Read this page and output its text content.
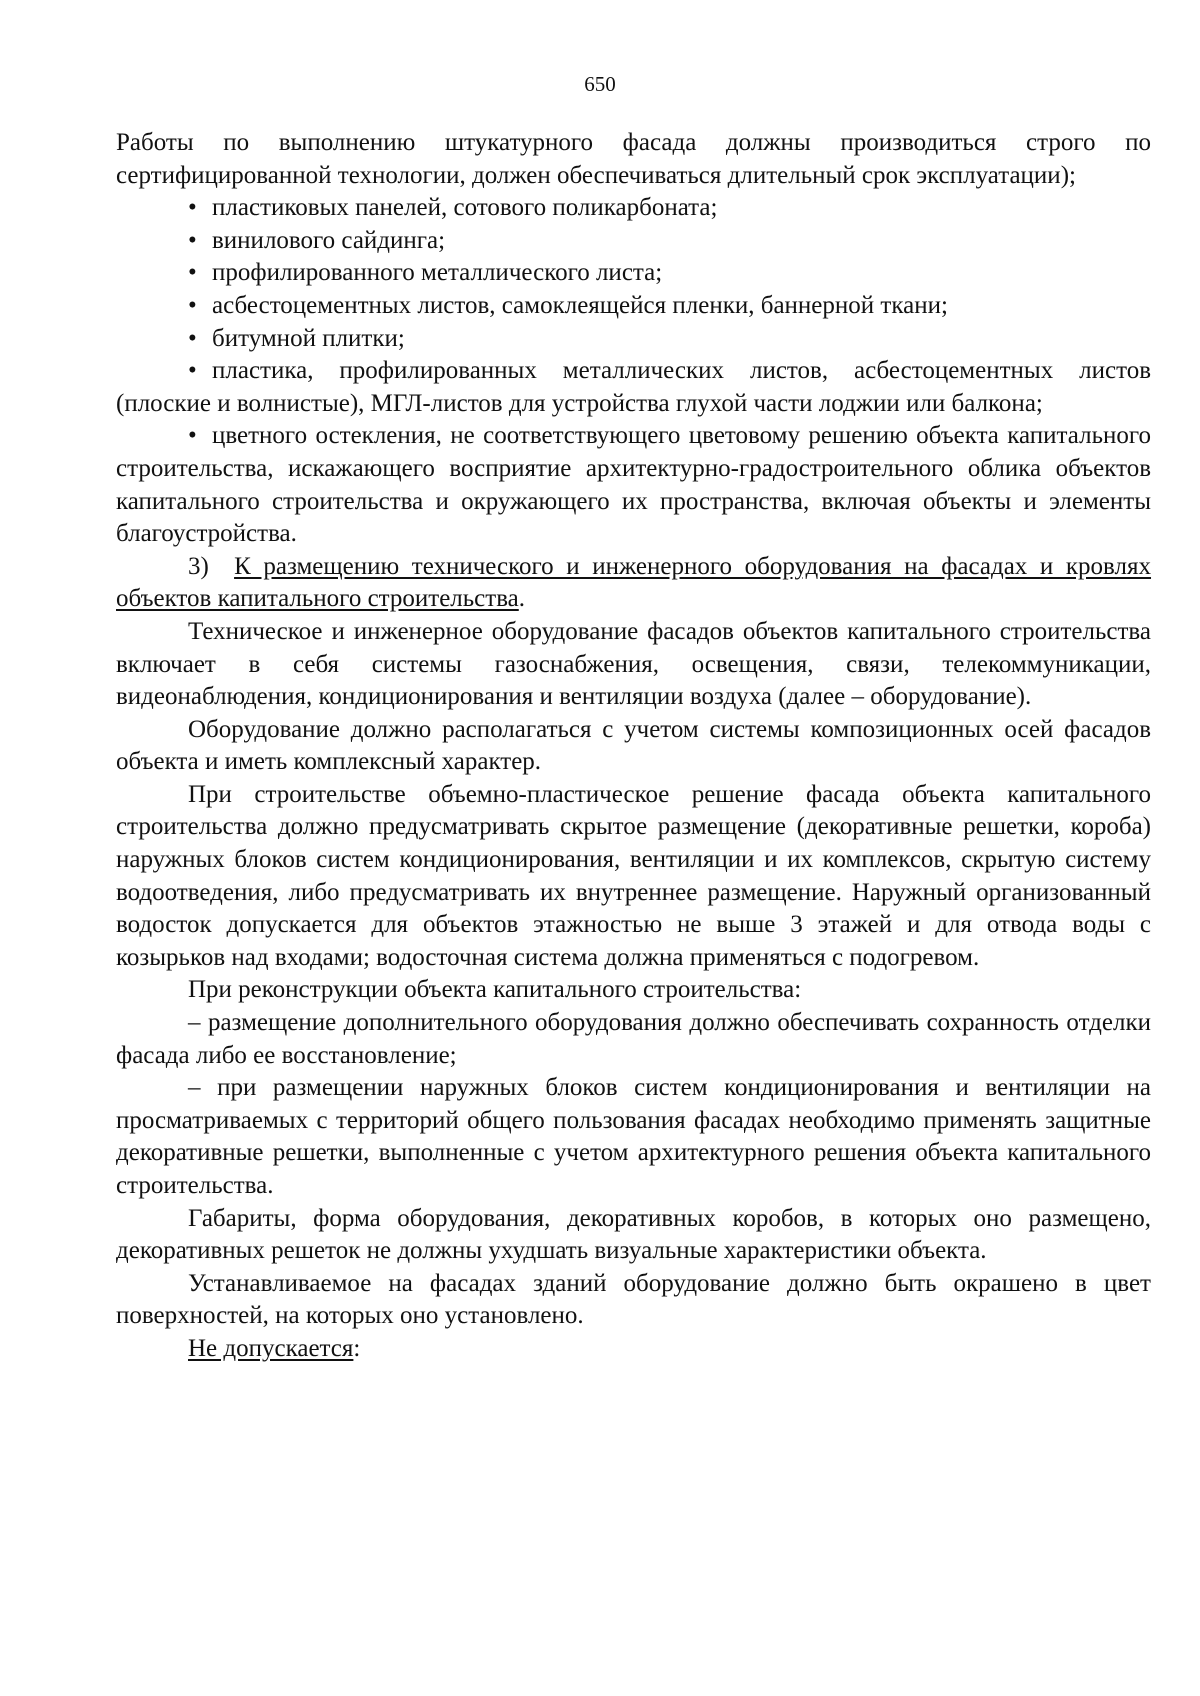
650

Работы по выполнению штукатурного фасада должны производиться строго по сертифицированной технологии, должен обеспечиваться длительный срок эксплуатации);

• пластиковых панелей, сотового поликарбоната;

• винилового сайдинга;

• профилированного металлического листа;

• асбестоцементных листов, самоклеящейся пленки, баннерной ткани;

• битумной плитки;

• пластика, профилированных металлических листов, асбестоцементных листов (плоские и волнистые), МГЛ-листов для устройства глухой части лоджии или балкона;

• цветного остекления, не соответствующего цветовому решению объекта капитального строительства, искажающего восприятие архитектурно-градостроительного облика объектов капитального строительства и окружающего их пространства, включая объекты и элементы благоустройства.

3) К размещению технического и инженерного оборудования на фасадах и кровлях объектов капитального строительства.

Техническое и инженерное оборудование фасадов объектов капитального строительства включает в себя системы газоснабжения, освещения, связи, телекоммуникации, видеонаблюдения, кондиционирования и вентиляции воздуха (далее – оборудование).

Оборудование должно располагаться с учетом системы композиционных осей фасадов объекта и иметь комплексный характер.

При строительстве объемно-пластическое решение фасада объекта капитального строительства должно предусматривать скрытое размещение (декоративные решетки, короба) наружных блоков систем кондиционирования, вентиляции и их комплексов, скрытую систему водоотведения, либо предусматривать их внутреннее размещение. Наружный организованный водосток допускается для объектов этажностью не выше 3 этажей и для отвода воды с козырьков над входами; водосточная система должна применяться с подогревом.

При реконструкции объекта капитального строительства:

– размещение дополнительного оборудования должно обеспечивать сохранность отделки фасада либо ее восстановление;

– при размещении наружных блоков систем кондиционирования и вентиляции на просматриваемых с территорий общего пользования фасадах необходимо применять защитные декоративные решетки, выполненные с учетом архитектурного решения объекта капитального строительства.

Габариты, форма оборудования, декоративных коробов, в которых оно размещено, декоративных решеток не должны ухудшать визуальные характеристики объекта.

Устанавливаемое на фасадах зданий оборудование должно быть окрашено в цвет поверхностей, на которых оно установлено.

Не допускается:
